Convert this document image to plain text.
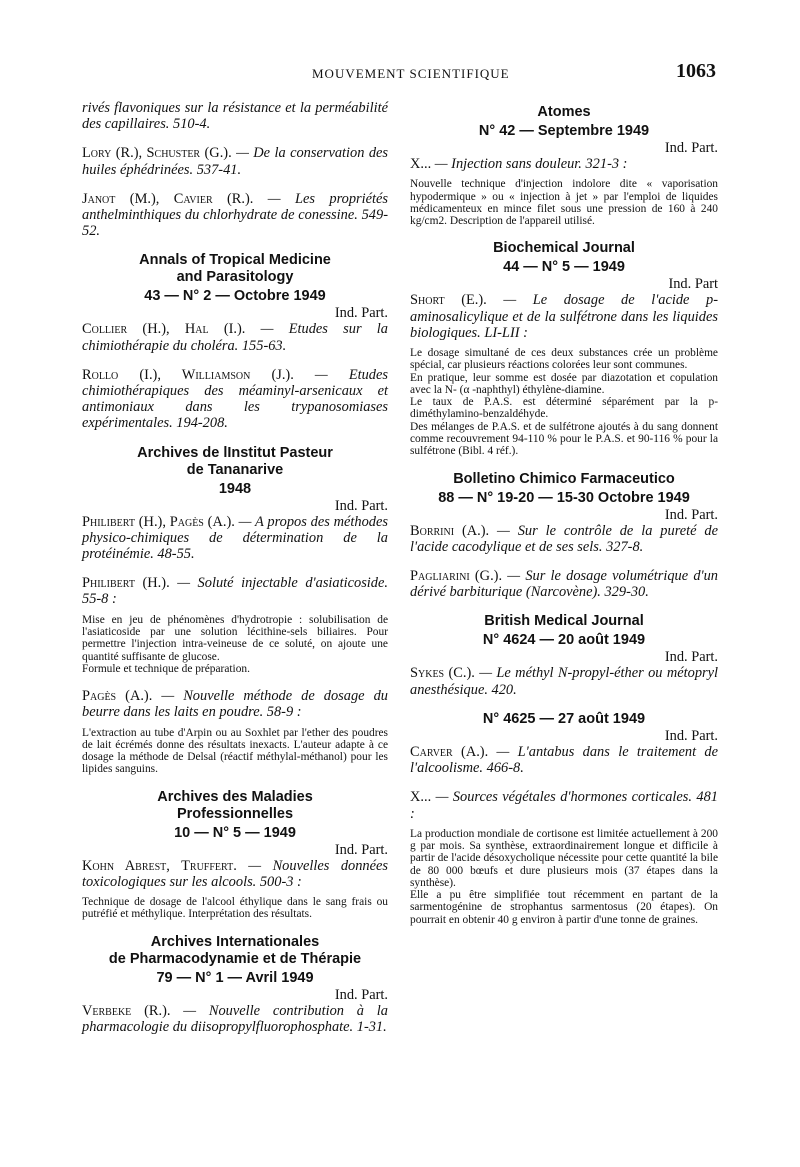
MOUVEMENT SCIENTIFIQUE	1063
rivés flavoniques sur la résistance et la perméabilité des capillaires. 510-4.
Lory (R.), Schuster (G.). — De la conservation des huiles éphédrinées. 537-41.
Janot (M.), Cavier (R.). — Les propriétés anthelminthiques du chlorhydrate de conessine. 549-52.
Annals of Tropical Medicine
and Parasitology
43 — N° 2 — Octobre 1949
Ind. Part.
Collier (H.), Hal (I.). — Etudes sur la chimiothérapie du choléra. 155-63.
Rollo (I.), Williamson (J.). — Etudes chimiothérapiques des méaminyl-arsenicaux et antimoniaux dans les trypanosomiases expérimentales. 194-208.
Archives de lInstitut Pasteur
de Tananarive
1948
Ind. Part.
Philibert (H.), Pagès (A.). — A propos des méthodes physico-chimiques de détermination de la protéinémie. 48-55.
Philibert (H.). — Soluté injectable d'asiaticoside. 55-8 :

Mise en jeu de phénomènes d'hydrotropie : solubilisation de l'asiaticoside par une solution lécithine-sels biliaires. Pour permettre l'injection intra-veineuse de ce soluté, on ajoute une quantité suffisante de glucose.

Formule et technique de préparation.

Pagès (A.). — Nouvelle méthode de dosage du beurre dans les laits en poudre. 58-9 :

L'extraction au tube d'Arpin ou au Soxhlet par l'ether des poudres de lait écrémés donne des résultats inexacts. L'auteur adapte à ce dosage la méthode de Delsal (réactif méthylal-méthanol) pour les lipides sanguins.

Archives des Maladies
Professionnelles
10 — N° 5 — 1949
Ind. Part.
Kohn Abrest, Truffert. — Nouvelles données toxicologiques sur les alcools. 500-3 :

Technique de dosage de l'alcool éthylique dans le sang frais ou putréfié et méthylique. Interprétation des résultats.

Archives Internationales
de Pharmacodynamie et de Thérapie
79 — N° 1 — Avril 1949
Ind. Part.
Verbeke (R.). — Nouvelle contribution à la pharmacologie du diisopropylfluorophosphate. 1-31.
Atomes
N° 42 — Septembre 1949
Ind. Part.
X... — Injection sans douleur. 321-3 :

Nouvelle technique d'injection indolore dite « vaporisation hypodermique » ou « injection à jet » par l'emploi de liquides médicamenteux en mince filet sous une pression de 160 à 240 kg/cm2. Description de l'appareil utilisé.

Biochemical Journal
44 — N° 5 — 1949
Ind. Part
Short (E.). — Le dosage de l'acide p-aminosalicylique et de la sulfétrone dans les liquides biologiques. LI-LII :

Le dosage simultané de ces deux substances crée un problème spécial, car plusieurs réactions colorées leur sont communes.

En pratique, leur somme est dosée par diazotation et copulation avec la N- (α -naphthyl) éthylène-diamine.

Le taux de P.A.S. est déterminé séparément par la p-diméthylamino-benzaldéhyde.

Des mélanges de P.A.S. et de sulfétrone ajoutés à du sang donnent comme recouvrement 94-110 % pour le P.A.S. et 90-116 % pour la sulfétrone (Bibl. 4 réf.).

Bolletino Chimico Farmaceutico
88 — N° 19-20 — 15-30 Octobre 1949
Ind. Part.
Borrini (A.). — Sur le contrôle de la pureté de l'acide cacodylique et de ses sels. 327-8.
Pagliarini (G.). — Sur le dosage volumétrique d'un dérivé barbiturique (Narcovène). 329-30.
British Medical Journal
N° 4624 — 20 août 1949
Ind. Part.
Sykes (C.). — Le méthyl N-propyl-éther ou métopryl anesthésique. 420.
N° 4625 — 27 août 1949
Ind. Part.
Carver (A.). — L'antabus dans le traitement de l'alcoolisme. 466-8.
X... — Sources végétales d'hormones corticales. 481 :

La production mondiale de cortisone est limitée actuellement à 200 g par mois. Sa synthèse, extraordinairement longue et difficile à partir de l'acide désoxycholique nécessite pour cette quantité la bile de 80 000 bœufs et dure plusieurs mois (37 étapes dans la synthèse).

Elle a pu être simplifiée tout récemment en partant de la sarmentogénine de strophantus sarmentosus (20 étapes). On pourrait en obtenir 40 g environ à partir d'une tonne de graines.
